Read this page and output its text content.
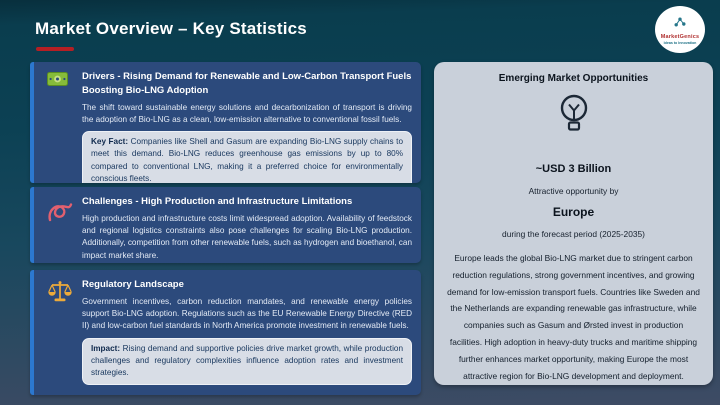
Market Overview – Key Statistics	MarketGenics
Ideas to Innovation
Drivers - Rising Demand for Renewable and Low-Carbon Transport Fuels Boosting Bio-LNG Adoption

The shift toward sustainable energy solutions and decarbonization of transport is driving the adoption of Bio-LNG as a clean, low-emission alternative to conventional fossil fuels.

Key Fact: Companies like Shell and Gasum are expanding Bio-LNG supply chains to meet this demand. Bio-LNG reduces greenhouse gas emissions by up to 80% compared to conventional LNG, making it a preferred choice for environmentally conscious fleets.

Challenges - High Production and Infrastructure Limitations

High production and infrastructure costs limit widespread adoption. Availability of feedstock and regional logistics constraints also pose challenges for scaling Bio-LNG production. Additionally, competition from other renewable fuels, such as hydrogen and bioethanol, can impact market share.

Regulatory Landscape

Government incentives, carbon reduction mandates, and renewable energy policies support Bio-LNG adoption. Regulations such as the EU Renewable Energy Directive (RED II) and low-carbon fuel standards in North America promote investment in renewable fuels.

Impact: Rising demand and supportive policies drive market growth, while production challenges and regulatory complexities influence adoption rates and investment strategies.

Emerging Market Opportunities
~USD 3 Billion
Attractive opportunity by
Europe
during the forecast period (2025-2035)

Europe leads the global Bio-LNG market due to stringent carbon reduction regulations, strong government incentives, and growing demand for low-emission transport fuels. Countries like Sweden and the Netherlands are expanding renewable gas infrastructure, while companies such as Gasum and Ørsted invest in production facilities. High adoption in heavy-duty trucks and maritime shipping further enhances market opportunity, making Europe the most attractive region for Bio-LNG development and deployment.
